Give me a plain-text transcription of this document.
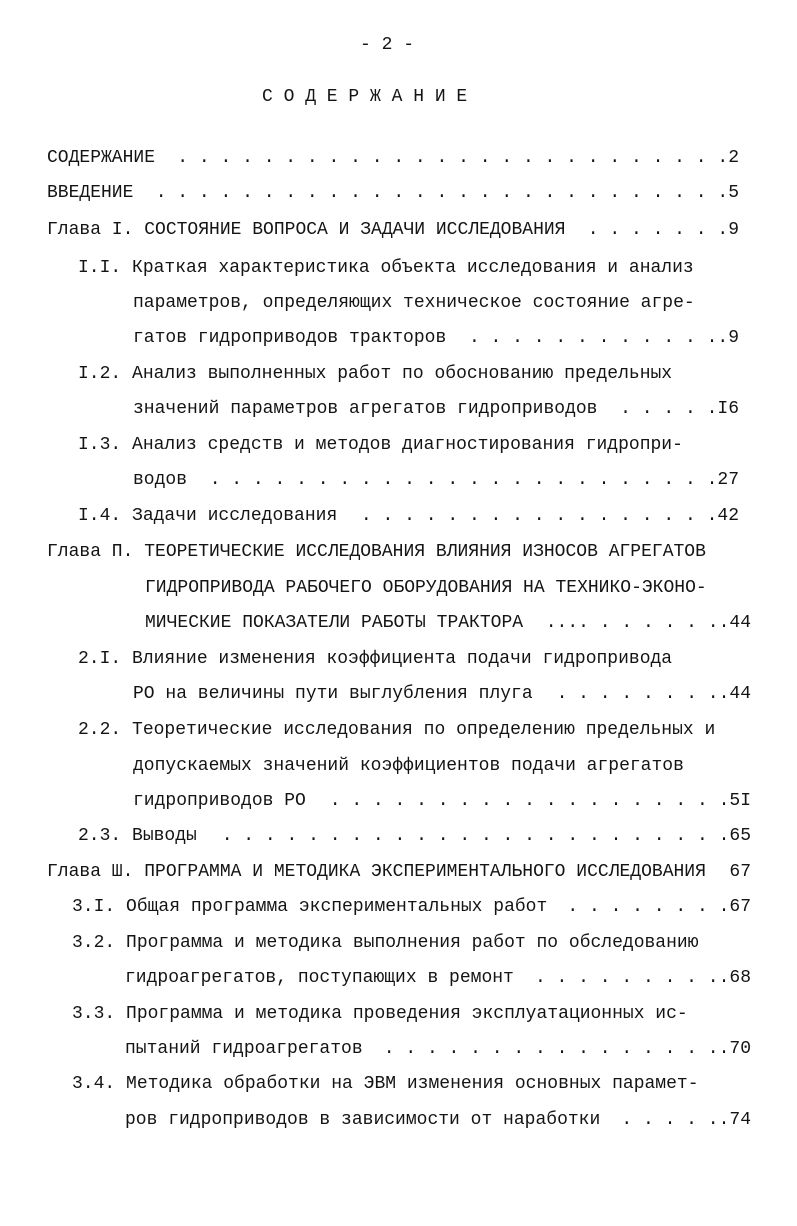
- 2 -
С О Д Е Р Ж А Н И Е
СОДЕРЖАНИЕ . . . . . . . . . . . . . . . . . . . . . . . . . . 2
ВВЕДЕНИЕ . . . . . . . . . . . . . . . . . . . . . . . . . . . 5
Глава I. СОСТОЯНИЕ ВОПРОСА И ЗАДАЧИ ИССЛЕДОВАНИЯ . . . . . . . 9
I.I. Краткая характеристика объекта исследования и анализ
параметров, определяющих техническое состояние агре-
гатов гидроприводов тракторов . . . . . . . . . . . . .9
I.2. Анализ выполненных работ по обоснованию предельных
значений параметров агрегатов гидроприводов . . . . . I6
I.3. Анализ средств и методов диагностирования гидропри-
водов . . . . . . . . . . . . . . . . . . . . . . . . 27
I.4. Задачи исследования . . . . . . . . . . . . . . . . . 42
Глава П. ТЕОРЕТИЧЕСКИЕ ИССЛЕДОВАНИЯ ВЛИЯНИЯ ИЗНОСОВ АГРЕГАТОВ
ГИДРОПРИВОДА РАБОЧЕГО ОБОРУДОВАНИЯ НА ТЕХНИКО-ЭКОНО-
МИЧЕСКИЕ ПОКАЗАТЕЛИ РАБОТЫ ТРАКТОРА .... . . . . . . .44
2.I. Влияние изменения коэффициента подачи гидропривода
РО на величины пути выглубления плуга . . . . . . . . .44
2.2. Теоретические исследования по определению предельных и
допускаемых значений коэффициентов подачи агрегатов
гидроприводов РО . . . . . . . . . . . . . . . . . . . 5I
2.3. Выводы . . . . . . . . . . . . . . . . . . . . . . . . 65
Глава Ш. ПРОГРАММА И МЕТОДИКА ЭКСПЕРИМЕНТАЛЬНОГО ИССЛЕДОВАНИЯ
67
3.I. Общая программа экспериментальных работ . . . . . . . . 67
3.2. Программа и методика выполнения работ по обследованию
гидроагрегатов, поступающих в ремонт . . . . . . . . . .68
3.3. Программа и методика проведения эксплуатационных ис-
пытаний гидроагрегатов . . . . . . . . . . . . . . . . .70
3.4. Методика обработки на ЭВМ изменения основных парамет-
ров гидроприводов в зависимости от наработки . . . . . .74
